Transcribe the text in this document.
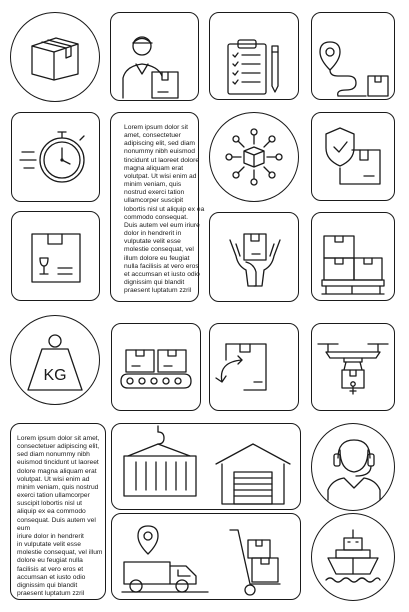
Lorem ipsum dolor sit
amet, consectetuer
adipiscing elit, sed diam
nonummy nibh euismod
tincidunt ut laoreet dolore
magna aliquam erat
volutpat. Ut wisi enim ad
minim veniam, quis
nostrud exerci tation
ullamcorper suscipit
lobortis nisl ut aliquip ex ea
commodo consequat.
Duis autem vel eum iriure
dolor in hendrerit in
vulputate velit esse
molestie consequat, vel
illum dolore eu feugiat
nulla facilisis at vero eros
et accumsan et iusto odio
dignissim qui blandit
praesent luptatum zzril

Lorem ipsum dolor sit amet,
consectetuer adipiscing elit,
sed diam nonummy nibh
euismod tincidunt ut laoreet
dolore magna aliquam erat
volutpat. Ut wisi enim ad
minim veniam, quis nostrud
exerci tation ullamcorper
suscipit lobortis nisl ut
aliquip ex ea commodo
consequat. Duis autem vel eum
iriure dolor in hendrerit
in vulputate velit esse
molestie consequat, vel illum
dolore eu feugiat nulla
facilisis at vero eros et
accumsan et iusto odio
dignissim qui blandit
praesent luptatum zzril

KG
